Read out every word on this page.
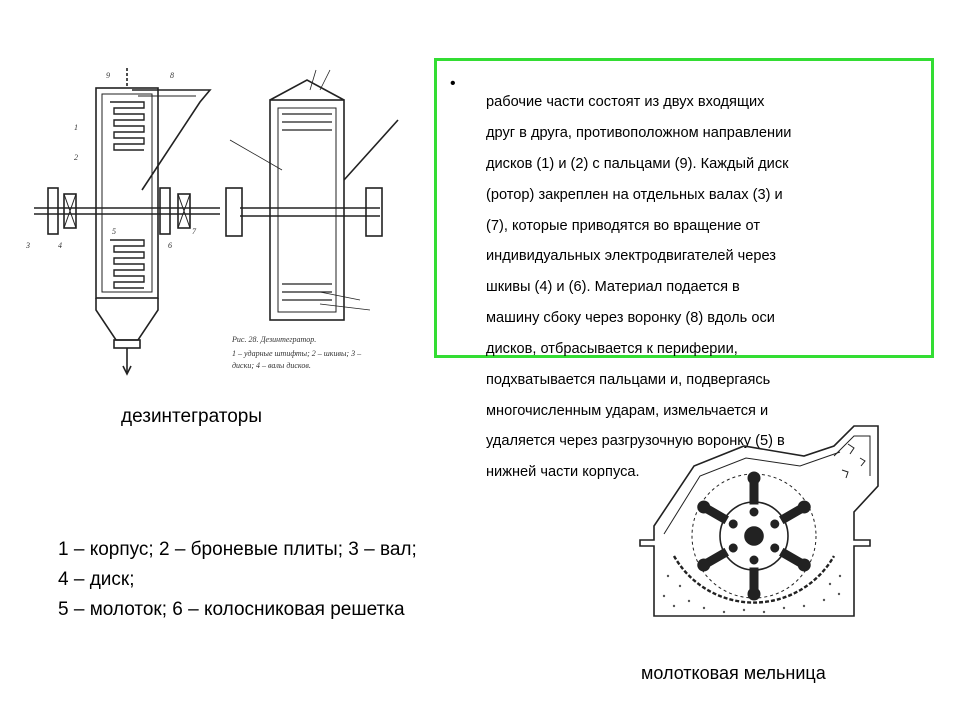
9	8
1
2
3	4
5
6
7
Рис. 28. Дезинтегратор.
1 – ударные штифты; 2 – шкивы; 3 –
диски; 4 – валы дисков.
•

рабочие части состоят из двух входящих

друг в друга, противоположном направлении

дисков (1) и (2) с пальцами (9). Каждый диск

(ротор) закреплен на отдельных валах (3) и

(7), которые приводятся во вращение от

индивидуальных электродвигателей через

шкивы (4) и (6). Материал подается в

машину сбоку через воронку (8) вдоль оси

дисков, отбрасывается к периферии,

подхватывается пальцами и, подвергаясь

многочисленным ударам, измельчается и

удаляется через разгрузочную воронку (5) в

нижней части корпуса.

дезинтеграторы
1 – корпус; 2 – броневые плиты; 3 – вал;
4 – диск;
5 – молоток; 6 – колосниковая решетка
молотковая мельница
